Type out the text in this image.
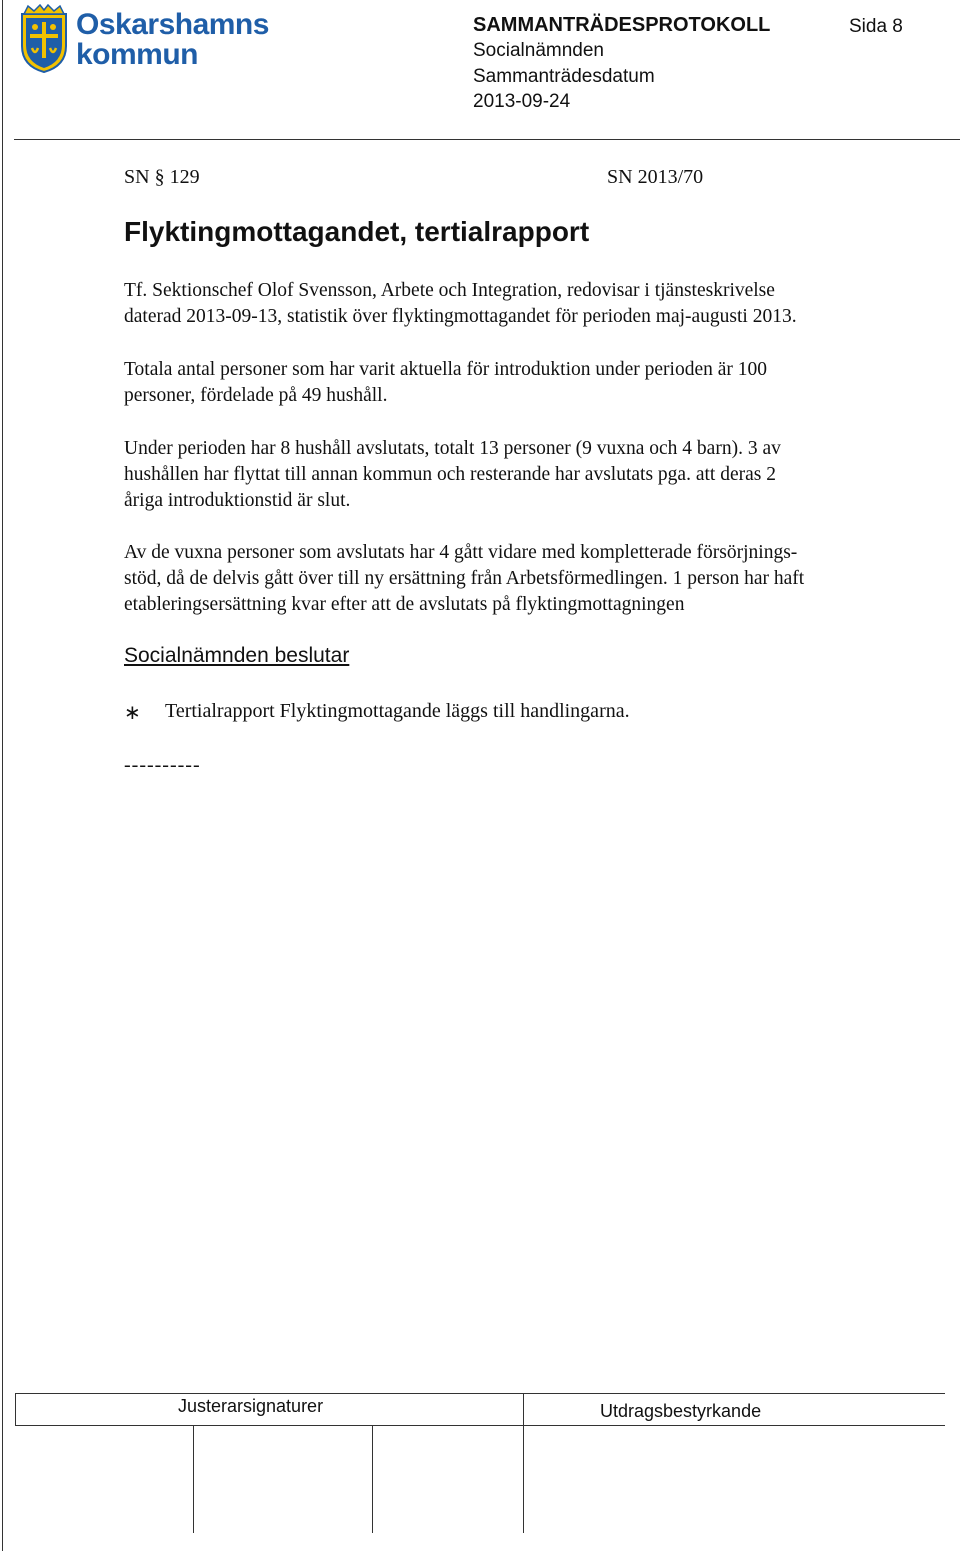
Oskarshamns
kommun
SAMMANTRÄDESPROTOKOLL	Sida 8
Socialnämnden
Sammanträdesdatum
2013-09-24
SN § 129	SN 2013/70
Flyktingmottagandet, tertialrapport
Tf. Sektionschef Olof Svensson, Arbete och Integration, redovisar i tjänsteskrivelse
daterad 2013-09-13, statistik över flyktingmottagandet för perioden maj-augusti 2013.
Totala antal personer som har varit aktuella för introduktion under perioden är 100
personer, fördelade på 49 hushåll.
Under perioden har 8 hushåll avslutats, totalt 13 personer (9 vuxna och 4 barn). 3 av
hushållen har flyttat till annan kommun och resterande har avslutats pga. att deras 2
åriga introduktionstid är slut.
Av de vuxna personer som avslutats har 4 gått vidare med kompletterade försörjnings-
stöd, då de delvis gått över till ny ersättning från Arbetsförmedlingen. 1 person har haft
etableringsersättning kvar efter att de avslutats på flyktingmottagningen
Socialnämnden beslutar
∗ Tertialrapport Flyktingmottagande läggs till handlingarna.
----------
Justerarsignaturer	Utdragsbestyrkande
